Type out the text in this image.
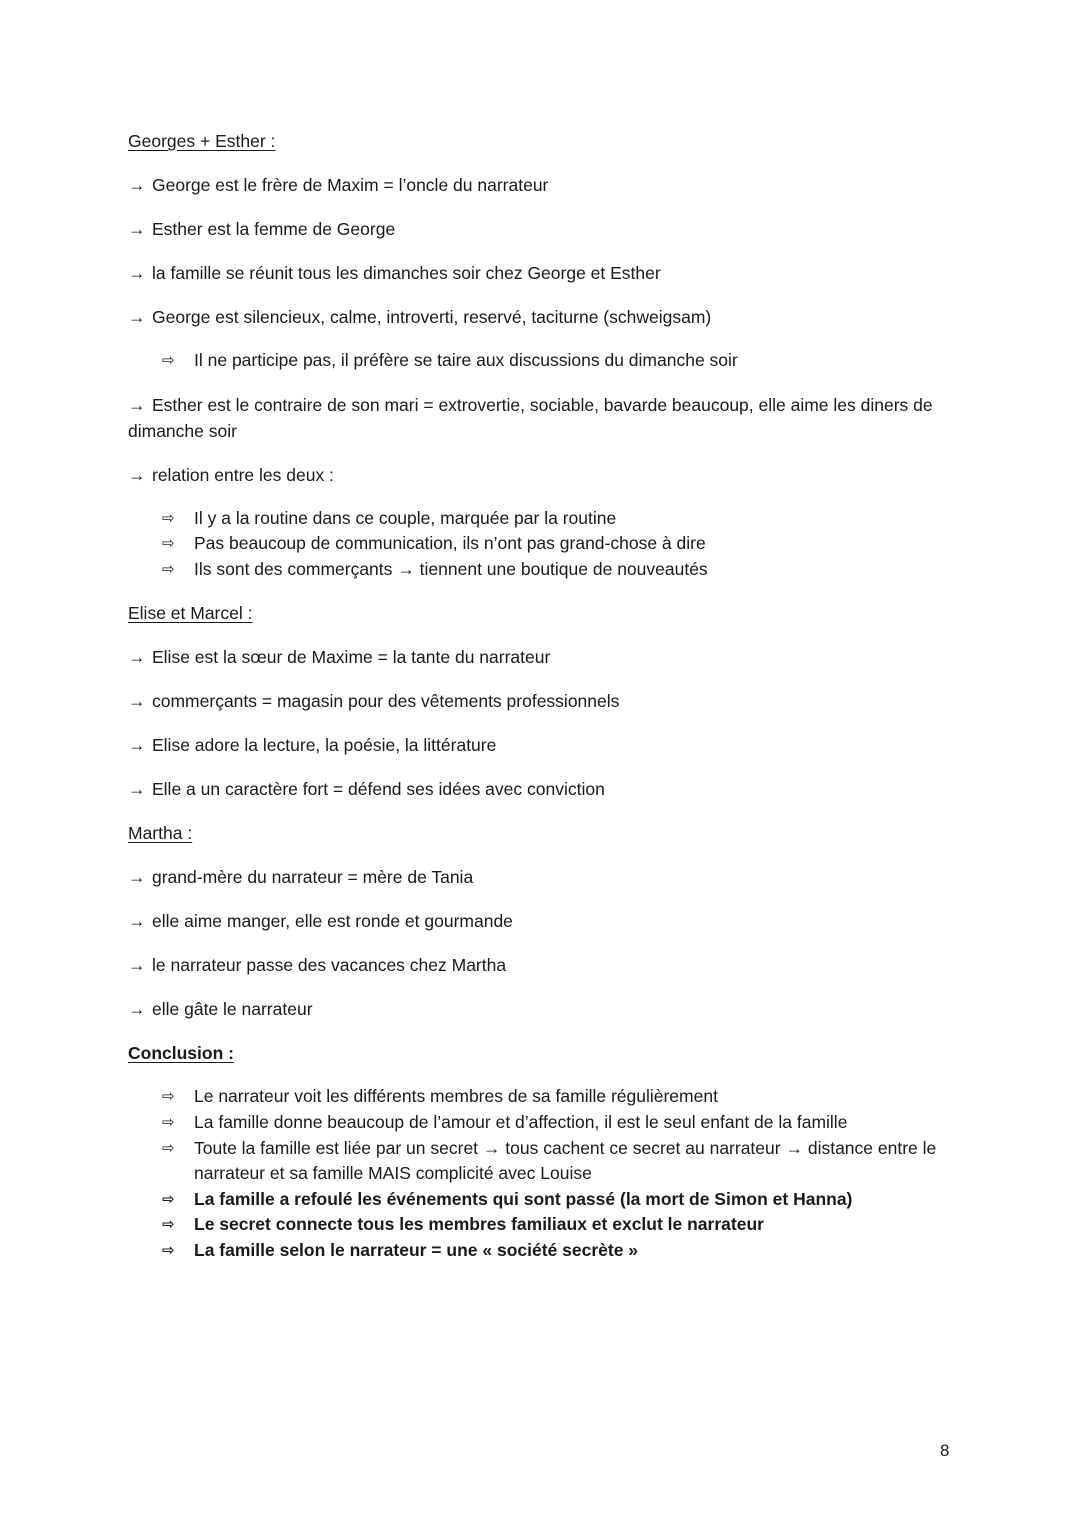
Georges + Esther :
→ George est le frère de Maxim = l’oncle du narrateur
→ Esther est la femme de George
→ la famille se réunit tous les dimanches soir chez George et Esther
→ George est silencieux, calme, introverti, reservé, taciturne (schweigsam)
⇨ Il ne participe pas, il préfère se taire aux discussions du dimanche soir
→ Esther est le contraire de son mari = extrovertie, sociable, bavarde beaucoup, elle aime les diners de dimanche soir
→ relation entre les deux :
⇨ Il y a la routine dans ce couple, marquée par la routine
⇨ Pas beaucoup de communication, ils n’ont pas grand-chose à dire
⇨ Ils sont des commerçants → tiennent une boutique de nouveautés
Elise et Marcel :
→ Elise est la sœur de Maxime = la tante du narrateur
→ commerçants = magasin pour des vêtements professionnels
→ Elise adore la lecture, la poésie, la littérature
→ Elle a un caractère fort = défend ses idées avec conviction
Martha :
→ grand-mère du narrateur = mère de Tania
→ elle aime manger, elle est ronde et gourmande
→ le narrateur passe des vacances chez Martha
→ elle gâte le narrateur
Conclusion :
⇨ Le narrateur voit les différents membres de sa famille régulièrement
⇨ La famille donne beaucoup de l’amour et d’affection, il est le seul enfant de la famille
⇨ Toute la famille est liée par un secret → tous cachent ce secret au narrateur → distance entre le narrateur et sa famille MAIS complicité avec Louise
⇨ La famille a refoulé les événements qui sont passé (la mort de Simon et Hanna)
⇨ Le secret connecte tous les membres familiaux et exclut le narrateur
⇨ La famille selon le narrateur = une « société secrète »
8
